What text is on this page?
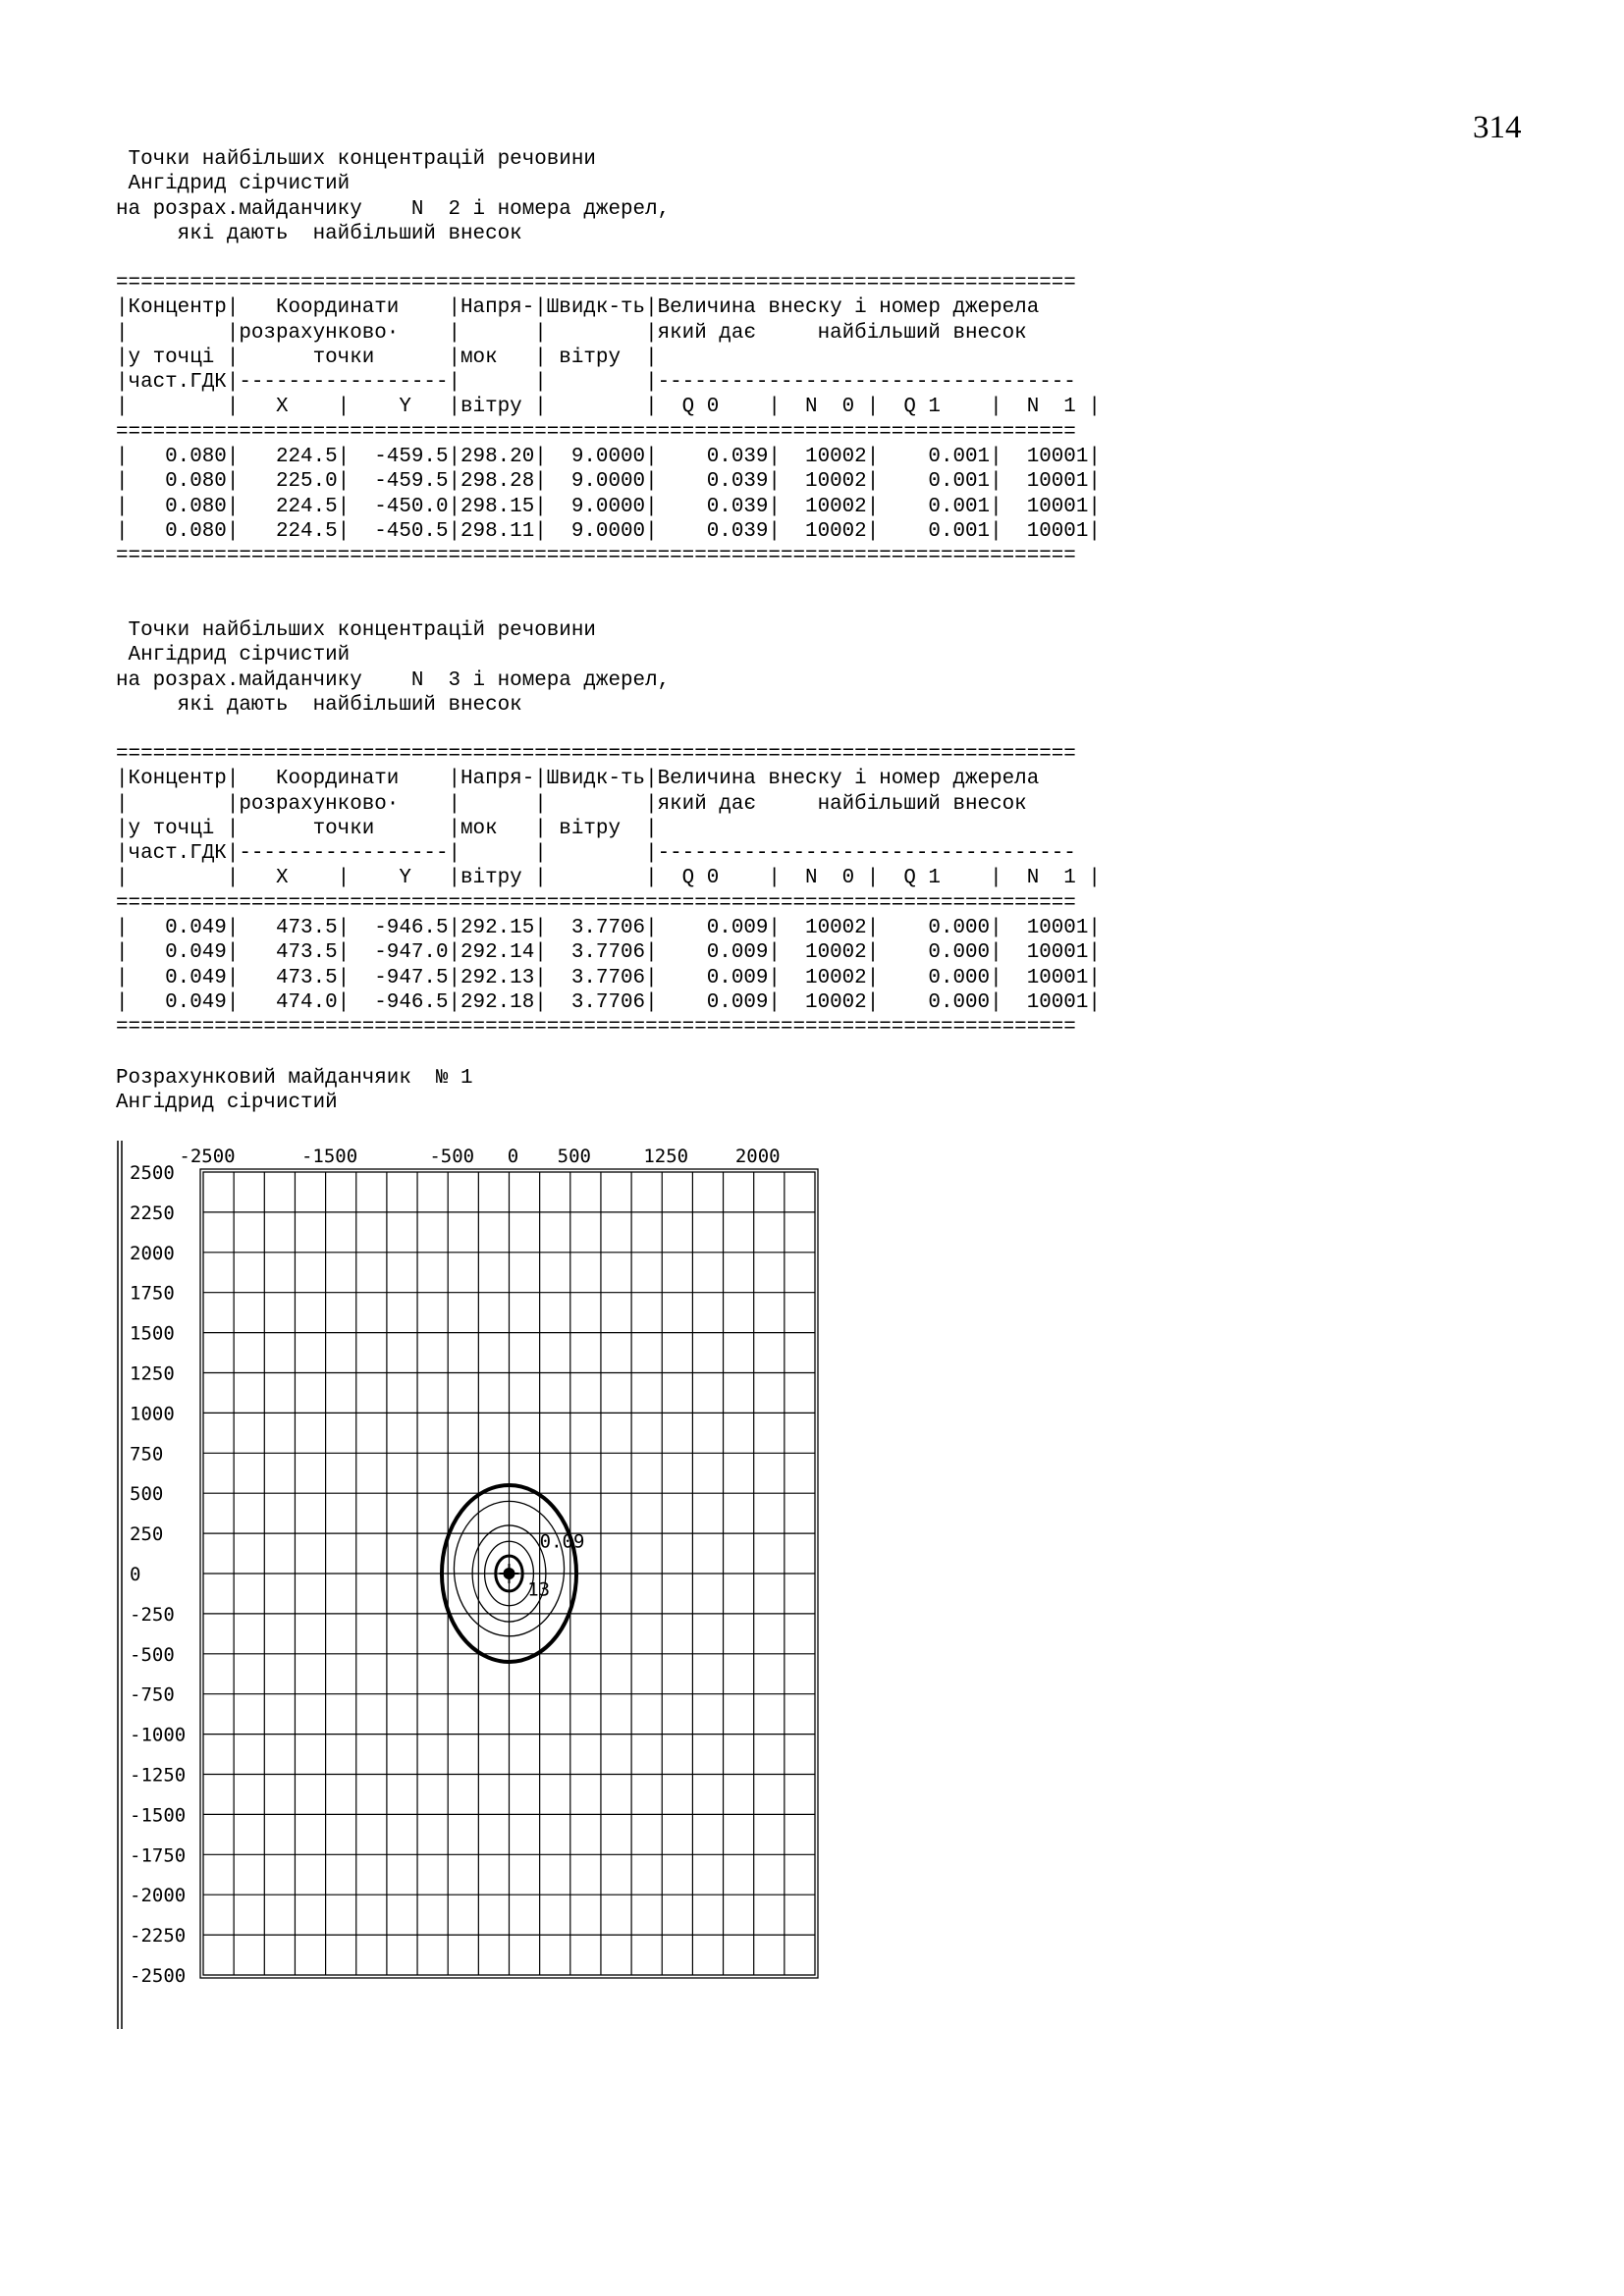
314
Точки найбільших концентрацій речовини
Ангідрид сірчистий
на розрах.майданчику    N  2 і номера джерел,
які дають  найбільший внесок
==============================================================================
|Концентр|   Координати    |Напря-|Швидк-ть|Величина внеску і номер джерела
|        |розрахунково·    |      |        |який дає     найбільший внесок
|у точці |      точки      |мок   | вітру  |
|част.ГДК|-----------------|      |        |----------------------------------
|        |   X    |    Y   |вітру |        |  Q 0    |  N  0 |  Q 1    |  N  1 |
==============================================================================
|   0.080|   224.5|  -459.5|298.20|  9.0000|    0.039|  10002|    0.001|  10001|
|   0.080|   225.0|  -459.5|298.28|  9.0000|    0.039|  10002|    0.001|  10001|
|   0.080|   224.5|  -450.0|298.15|  9.0000|    0.039|  10002|    0.001|  10001|
|   0.080|   224.5|  -450.5|298.11|  9.0000|    0.039|  10002|    0.001|  10001|
==============================================================================
Точки найбільших концентрацій речовини
Ангідрид сірчистий
на розрах.майданчику    N  3 і номера джерел,
які дають  найбільший внесок
==============================================================================
|Концентр|   Координати    |Напря-|Швидк-ть|Величина внеску і номер джерела
|        |розрахунково·    |      |        |який дає     найбільший внесок
|у точці |      точки      |мок   | вітру  |
|част.ГДК|-----------------|      |        |----------------------------------
|        |   X    |    Y   |вітру |        |  Q 0    |  N  0 |  Q 1    |  N  1 |
==============================================================================
|   0.049|   473.5|  -946.5|292.15|  3.7706|    0.009|  10002|    0.000|  10001|
|   0.049|   473.5|  -947.0|292.14|  3.7706|    0.009|  10002|    0.000|  10001|
|   0.049|   473.5|  -947.5|292.13|  3.7706|    0.009|  10002|    0.000|  10001|
|   0.049|   474.0|  -946.5|292.18|  3.7706|    0.009|  10002|    0.000|  10001|
==============================================================================
Розрахунковий майданчяик  № 1
Ангідрид сірчистий
-2500	-1500	-500 0 500	1250	2000
2500
2250
2000
1750
1500
1250
1000
750
500
250
0
-250
-500
-750
-1000
-1250
-1500
-1750
-2000
-2250
-2500
0.09
13
